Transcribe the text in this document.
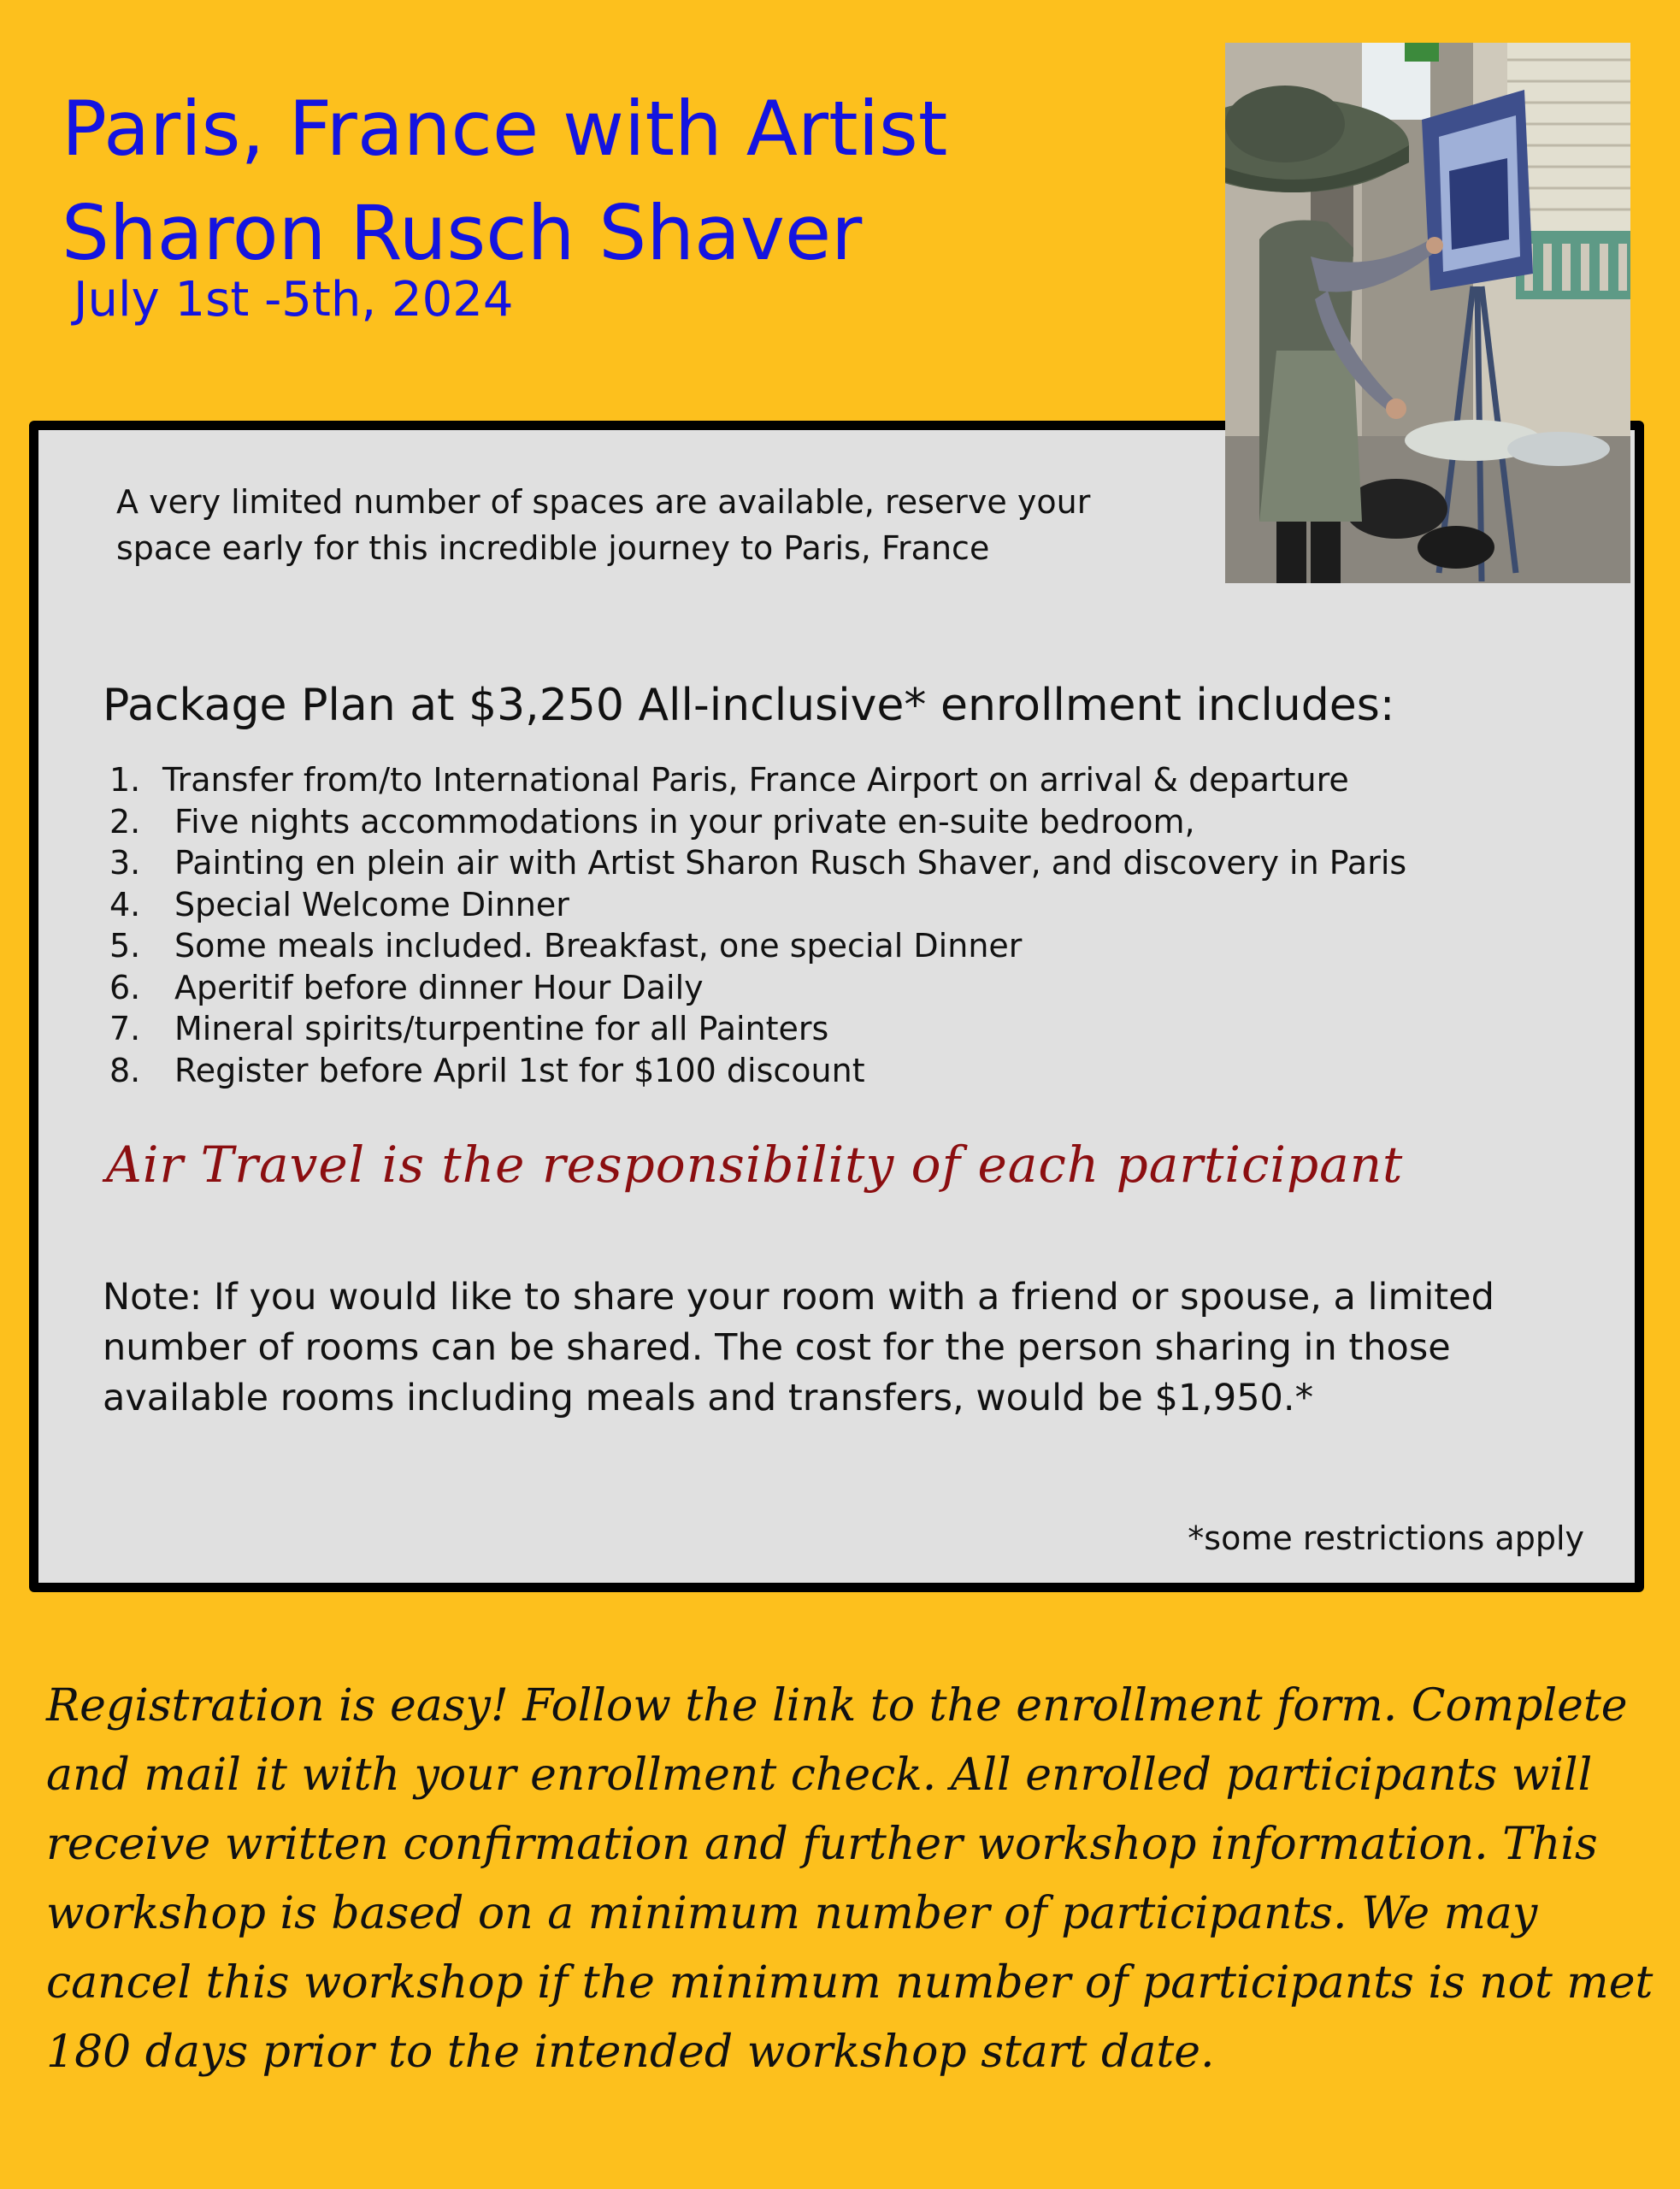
Paris, France with Artist
Sharon Rusch Shaver
July 1st -5th, 2024
A very limited number of spaces are available, reserve your space early for this incredible journey to Paris, France
Package Plan at $3,250 All-inclusive* enrollment includes:
1. Transfer from/to International Paris, France Airport on arrival & departure
2. Five nights accommodations in your private en-suite bedroom,
3. Painting en plein air with Artist Sharon Rusch Shaver, and discovery in Paris
4. Special Welcome Dinner
5. Some meals included. Breakfast, one special Dinner
6. Aperitif before dinner Hour Daily
7. Mineral spirits/turpentine for all Painters
8. Register before April 1st for $100 discount
Air Travel is the responsibility of each participant
Note: If you would like to share your room with a friend or spouse, a limited number of rooms can be shared. The cost for the person sharing in those available rooms including meals and transfers, would be $1,950.*
*some restrictions apply
Registration is easy! Follow the link to the enrollment form. Complete and mail it with your enrollment check. All enrolled participants will receive written confirmation and further workshop information. This workshop is based on a minimum number of participants. We may cancel this workshop if the minimum number of participants is not met 180 days prior to the intended workshop start date.
